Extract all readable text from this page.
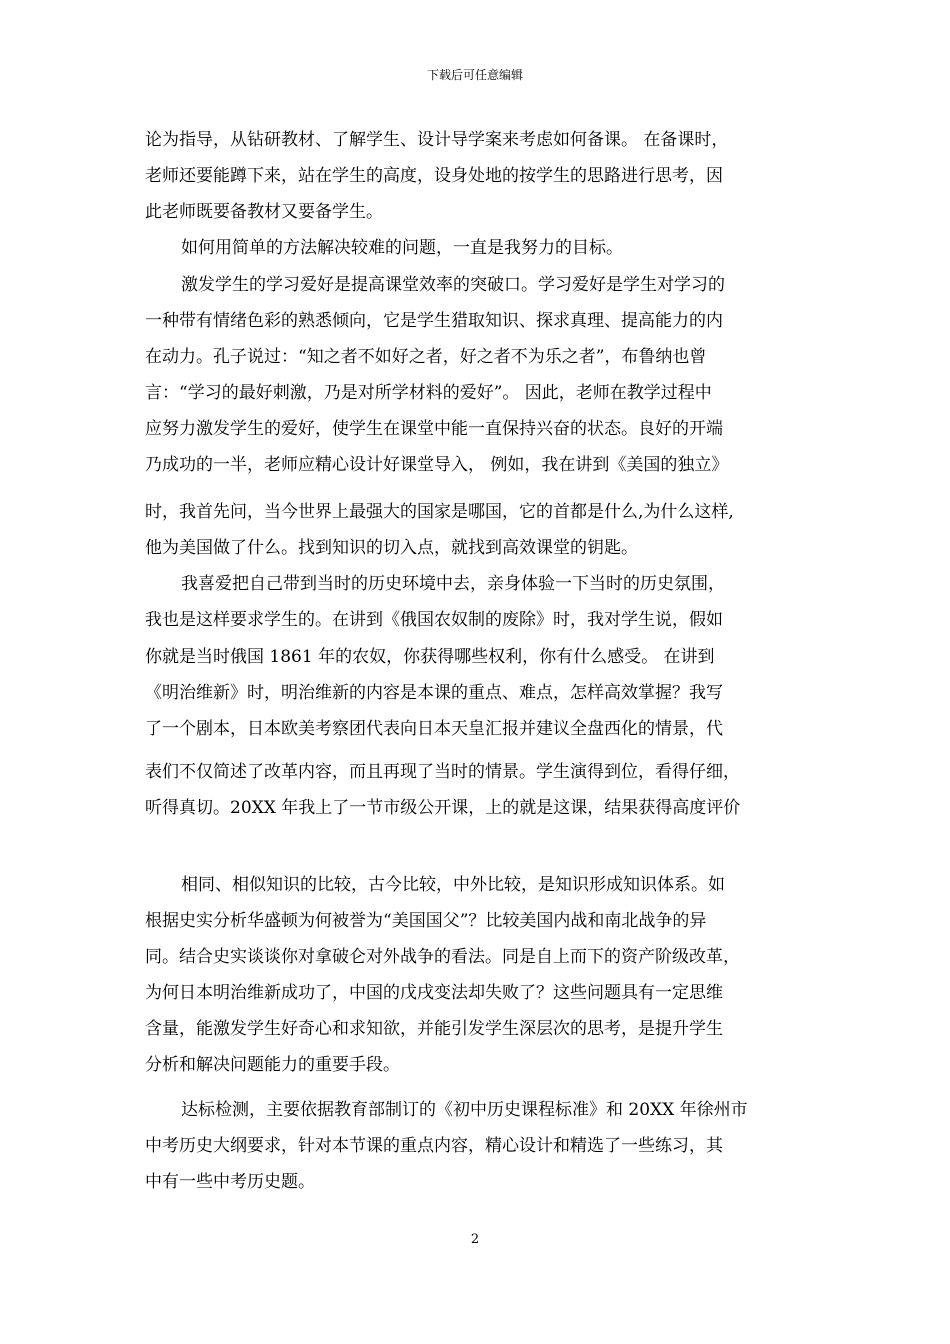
下载后可任意编辑
论为指导，从钻研教材、了解学生、设计导学案来考虑如何备课。 在备课时，
老师还要能蹲下来，站在学生的高度，设身处地的按学生的思路进行思考，因
此老师既要备教材又要备学生。
如何用简单的方法解决较难的问题，一直是我努力的目标。
激发学生的学习爱好是提高课堂效率的突破口。学习爱好是学生对学习的
一种带有情绪色彩的熟悉倾向，它是学生猎取知识、探求真理、提高能力的内
在动力。孔子说过：“知之者不如好之者，好之者不为乐之者”，布鲁纳也曾
言：“学习的最好刺激，乃是对所学材料的爱好”。 因此，老师在教学过程中
应努力激发学生的爱好，使学生在课堂中能一直保持兴奋的状态。良好的开端
乃成功的一半，老师应精心设计好课堂导入， 例如，我在讲到《美国的独立》
时，我首先问，当今世界上最强大的国家是哪国，它的首都是什么,为什么这样,
他为美国做了什么。找到知识的切入点，就找到高效课堂的钥匙。
我喜爱把自己带到当时的历史环境中去，亲身体验一下当时的历史氛围，
我也是这样要求学生的。在讲到《俄国农奴制的废除》时，我对学生说，假如
你就是当时俄国 1861 年的农奴，你获得哪些权利，你有什么感受。 在讲到
《明治维新》时，明治维新的内容是本课的重点、难点，怎样高效掌握？我写
了一个剧本，日本欧美考察团代表向日本天皇汇报并建议全盘西化的情景，代
表们不仅简述了改革内容，而且再现了当时的情景。学生演得到位，看得仔细，
听得真切。20XX 年我上了一节市级公开课，上的就是这课，结果获得高度评价
相同、相似知识的比较，古今比较，中外比较，是知识形成知识体系。如
根据史实分析华盛顿为何被誉为“美国国父”？比较美国内战和南北战争的异
同。结合史实谈谈你对拿破仑对外战争的看法。同是自上而下的资产阶级改革，
为何日本明治维新成功了，中国的戊戌变法却失败了？这些问题具有一定思维
含量，能激发学生好奇心和求知欲，并能引发学生深层次的思考，是提升学生
分析和解决问题能力的重要手段。
达标检测，主要依据教育部制订的《初中历史课程标准》和 20XX 年徐州市
中考历史大纲要求，针对本节课的重点内容，精心设计和精选了一些练习，其
中有一些中考历史题。
2
